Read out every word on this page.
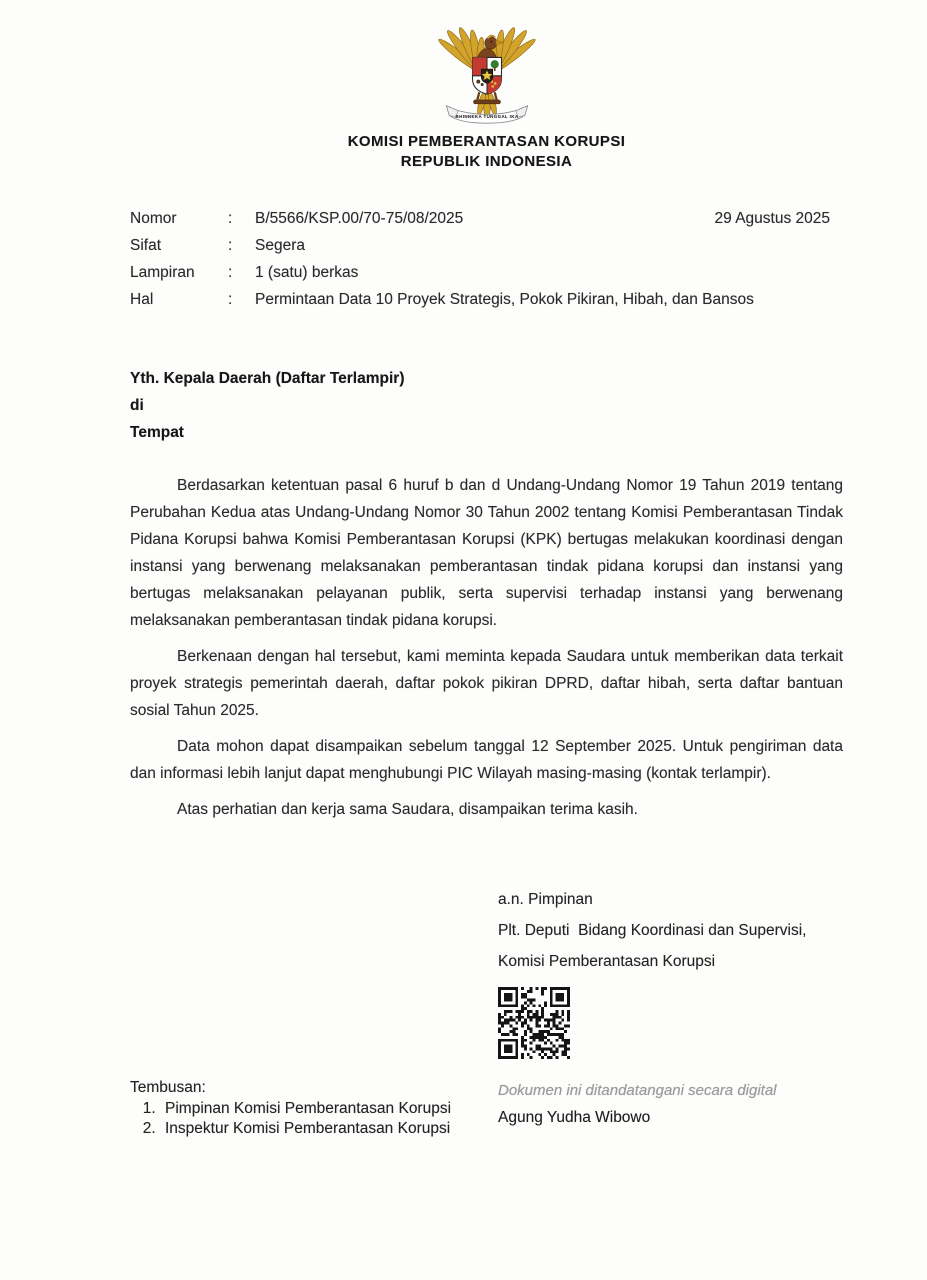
BHINNEKA TUNGGAL IKA
KOMISI PEMBERANTASAN KORUPSI
REPUBLIK INDONESIA
29 Agustus 2025
Nomor	:	B/5566/KSP.00/70-75/08/2025
Sifat	:	Segera
Lampiran	:	1 (satu) berkas
Hal	:	Permintaan Data 10 Proyek Strategis, Pokok Pikiran, Hibah, dan Bansos
Yth. Kepala Daerah (Daftar Terlampir)
di
Tempat

Berdasarkan ketentuan pasal 6 huruf b dan d Undang-Undang Nomor 19 Tahun 2019 tentang Perubahan Kedua atas Undang-Undang Nomor 30 Tahun 2002 tentang Komisi Pemberantasan Tindak Pidana Korupsi bahwa Komisi Pemberantasan Korupsi (KPK) bertugas melakukan koordinasi dengan instansi yang berwenang melaksanakan pemberantasan tindak pidana korupsi dan instansi yang bertugas melaksanakan pelayanan publik, serta supervisi terhadap instansi yang berwenang melaksanakan pemberantasan tindak pidana korupsi.

Berkenaan dengan hal tersebut, kami meminta kepada Saudara untuk memberikan data terkait proyek strategis pemerintah daerah, daftar pokok pikiran DPRD, daftar hibah, serta daftar bantuan sosial Tahun 2025.

Data mohon dapat disampaikan sebelum tanggal 12 September 2025. Untuk pengiriman data dan informasi lebih lanjut dapat menghubungi PIC Wilayah masing-masing (kontak terlampir).

Atas perhatian dan kerja sama Saudara, disampaikan terima kasih.

a.n. Pimpinan
Plt. Deputi  Bidang Koordinasi dan Supervisi,
Komisi Pemberantasan Korupsi
Dokumen ini ditandatangani secara digital
Agung Yudha Wibowo
Tembusan:
1. Pimpinan Komisi Pemberantasan Korupsi
2. Inspektur Komisi Pemberantasan Korupsi
